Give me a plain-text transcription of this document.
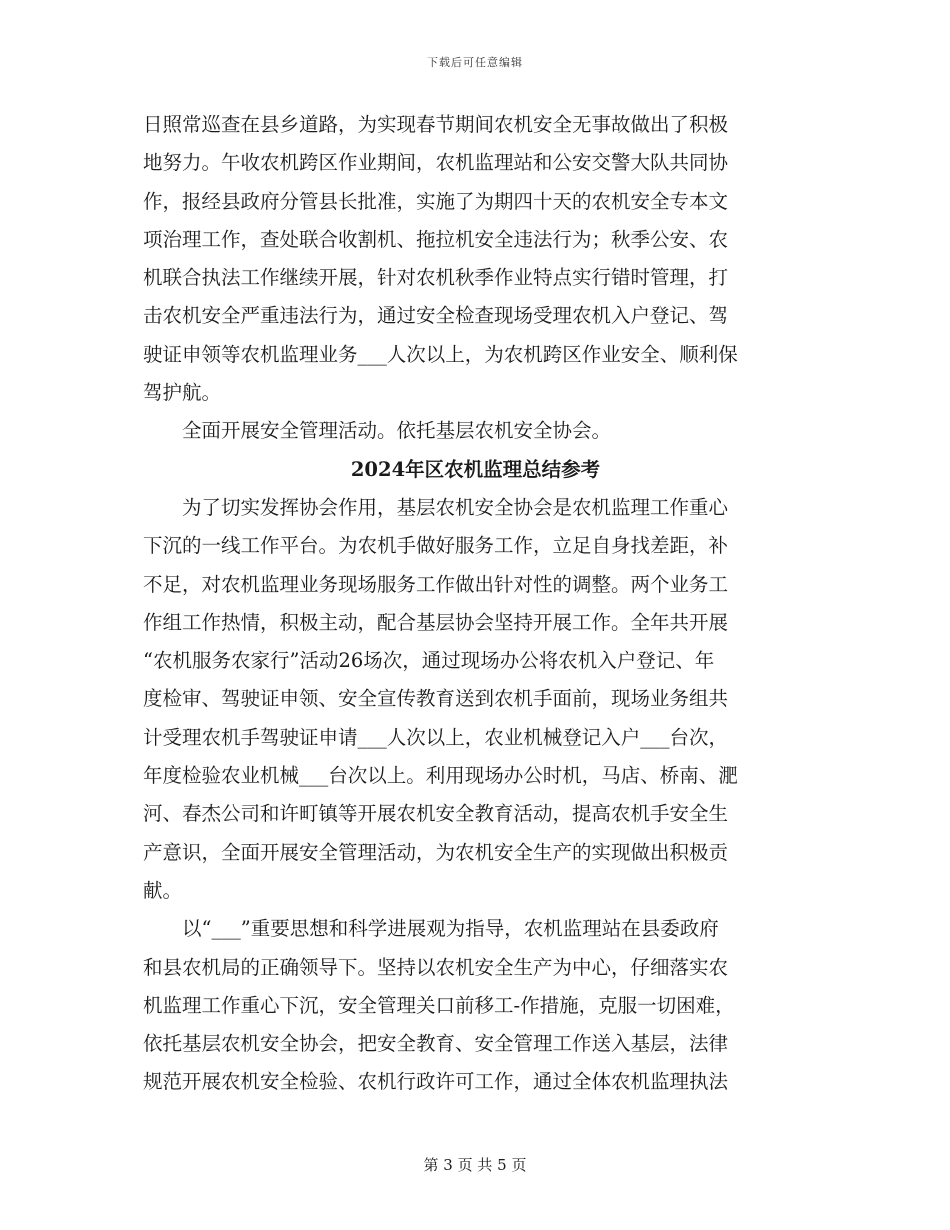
下载后可任意编辑
日照常巡查在县乡道路，为实现春节期间农机安全无事故做出了积极
地努力。午收农机跨区作业期间，农机监理站和公安交警大队共同协
作，报经县政府分管县长批准，实施了为期四十天的农机安全专本文
项治理工作，查处联合收割机、拖拉机安全违法行为；秋季公安、农
机联合执法工作继续开展，针对农机秋季作业特点实行错时管理，打
击农机安全严重违法行为，通过安全检查现场受理农机入户登记、驾
驶证申领等农机监理业务___人次以上，为农机跨区作业安全、顺利保
驾护航。
　　全面开展安全管理活动。依托基层农机安全协会。
2024年区农机监理总结参考
　　为了切实发挥协会作用，基层农机安全协会是农机监理工作重心
下沉的一线工作平台。为农机手做好服务工作，立足自身找差距，补
不足，对农机监理业务现场服务工作做出针对性的调整。两个业务工
作组工作热情，积极主动，配合基层协会坚持开展工作。全年共开展
“农机服务农家行”活动26场次，通过现场办公将农机入户登记、年
度检审、驾驶证申领、安全宣传教育送到农机手面前，现场业务组共
计受理农机手驾驶证申请___人次以上，农业机械登记入户___台次，
年度检验农业机械___台次以上。利用现场办公时机，马店、桥南、淝
河、春杰公司和许町镇等开展农机安全教育活动，提高农机手安全生
产意识，全面开展安全管理活动，为农机安全生产的实现做出积极贡
献。
　　以“___”重要思想和科学进展观为指导，农机监理站在县委政府
和县农机局的正确领导下。坚持以农机安全生产为中心，仔细落实农
机监理工作重心下沉，安全管理关口前移工-作措施，克服一切困难，
依托基层农机安全协会，把安全教育、安全管理工作送入基层，法律
规范开展农机安全检验、农机行政许可工作，通过全体农机监理执法
第 3 页 共 5 页
